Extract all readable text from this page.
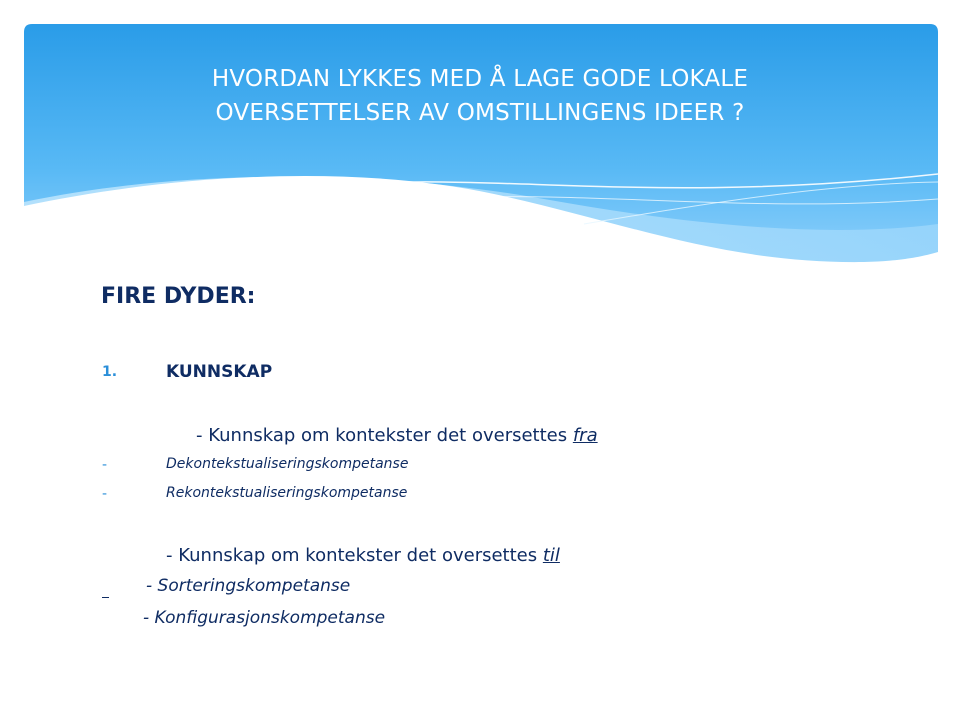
HVORDAN LYKKES MED Å LAGE GODE LOKALE
OVERSETTELSER AV OMSTILLINGENS IDEER ?
FIRE DYDER:
1.	KUNNSKAP
- Kunnskap om kontekster det oversettes fra
-	Dekontekstualiseringskompetanse
-	Rekontekstualiseringskompetanse
- Kunnskap om kontekster det oversettes til
- Sorteringskompetanse
- Konfigurasjonskompetanse
